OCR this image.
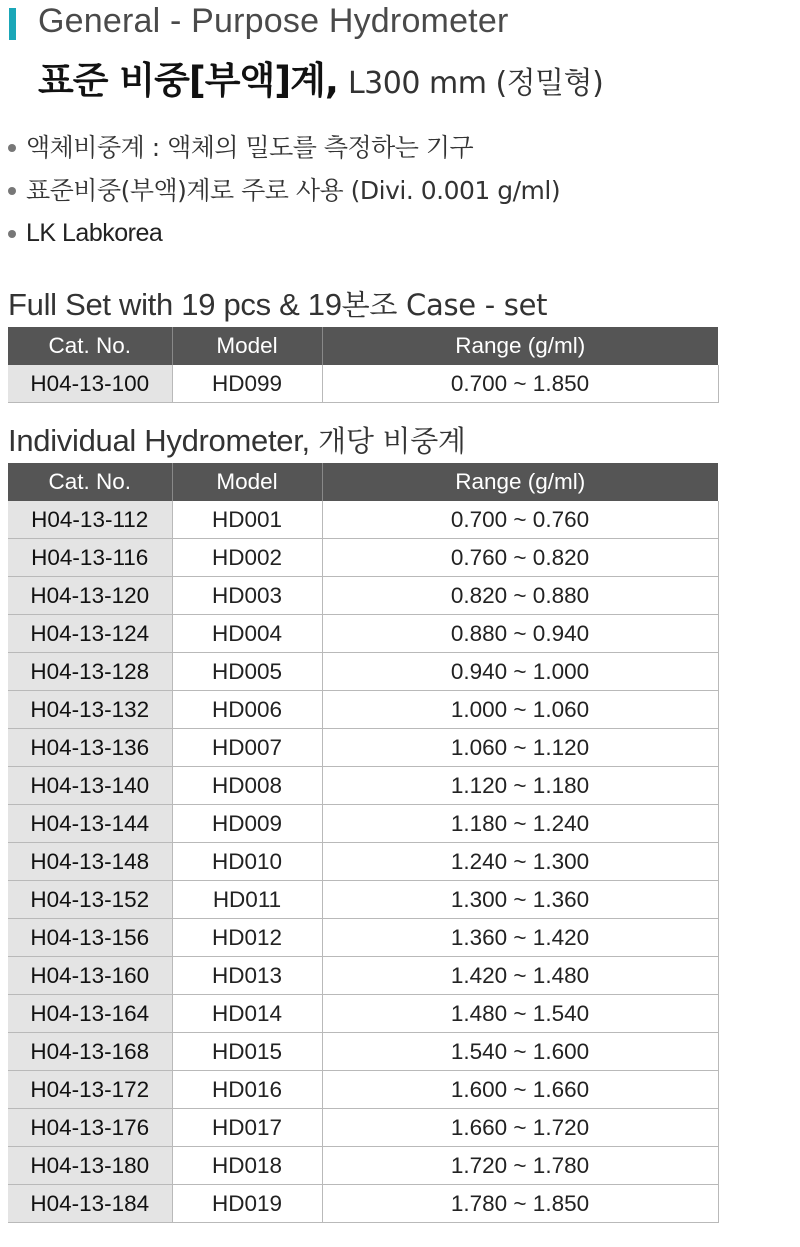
General - Purpose Hydrometer
표준 비중[부액]계, L300 mm (정밀형)
액체비중계 : 액체의 밀도를 측정하는 기구
표준비중(부액)계로 주로 사용 (Divi. 0.001 g/ml)
LK Labkorea
Full Set with 19 pcs & 19본조 Case - set
Cat. No.	Model	Range (g/ml)
H04-13-100	HD099	0.700 ~ 1.850
Individual Hydrometer, 개당 비중계
Cat. No.	Model	Range (g/ml)
H04-13-112	HD001	0.700 ~ 0.760
H04-13-116	HD002	0.760 ~ 0.820
H04-13-120	HD003	0.820 ~ 0.880
H04-13-124	HD004	0.880 ~ 0.940
H04-13-128	HD005	0.940 ~ 1.000
H04-13-132	HD006	1.000 ~ 1.060
H04-13-136	HD007	1.060 ~ 1.120
H04-13-140	HD008	1.120 ~ 1.180
H04-13-144	HD009	1.180 ~ 1.240
H04-13-148	HD010	1.240 ~ 1.300
H04-13-152	HD011	1.300 ~ 1.360
H04-13-156	HD012	1.360 ~ 1.420
H04-13-160	HD013	1.420 ~ 1.480
H04-13-164	HD014	1.480 ~ 1.540
H04-13-168	HD015	1.540 ~ 1.600
H04-13-172	HD016	1.600 ~ 1.660
H04-13-176	HD017	1.660 ~ 1.720
H04-13-180	HD018	1.720 ~ 1.780
H04-13-184	HD019	1.780 ~ 1.850
